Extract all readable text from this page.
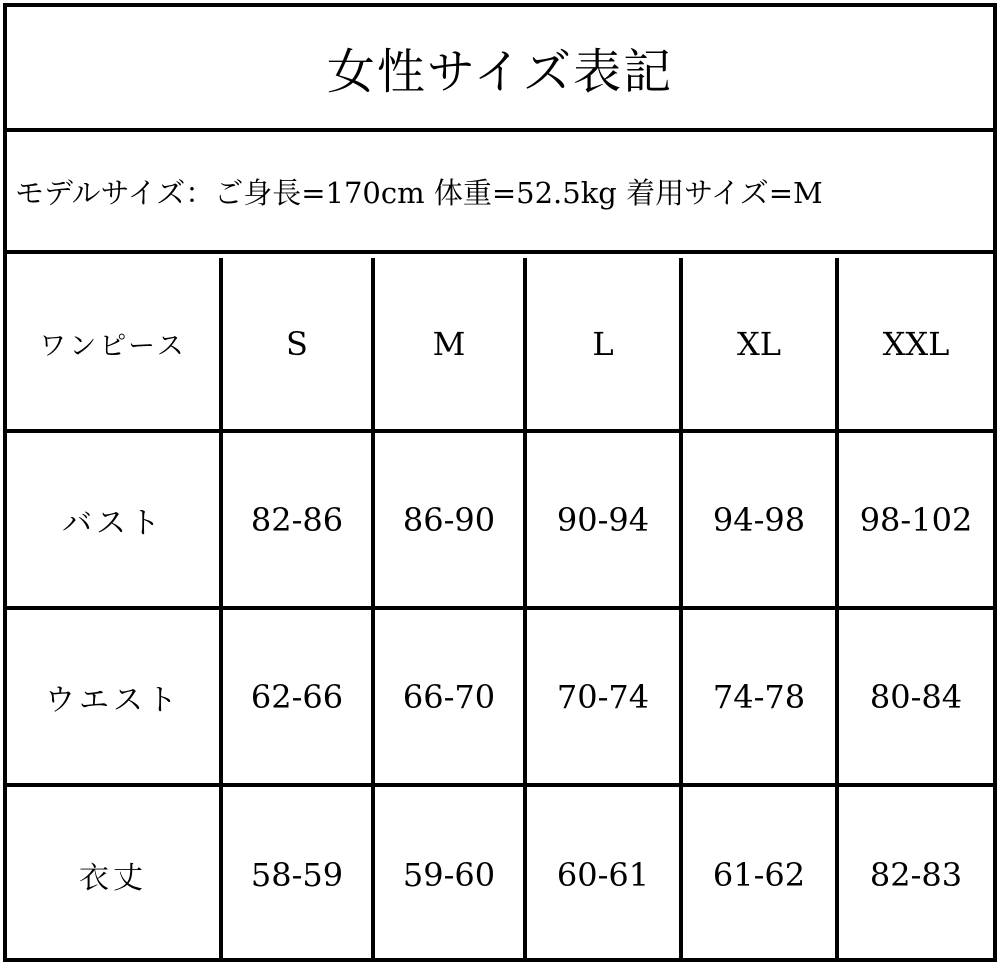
女性サイズ表記
モデルサイズ：ご身長=170cm 体重=52.5kg 着用サイズ=M
ワンピース	S	M	L	XL	XXL
バスト	82-86	86-90	90-94	94-98	98-102
ウエスト	62-66	66-70	70-74	74-78	80-84
衣丈	58-59	59-60	60-61	61-62	82-83
